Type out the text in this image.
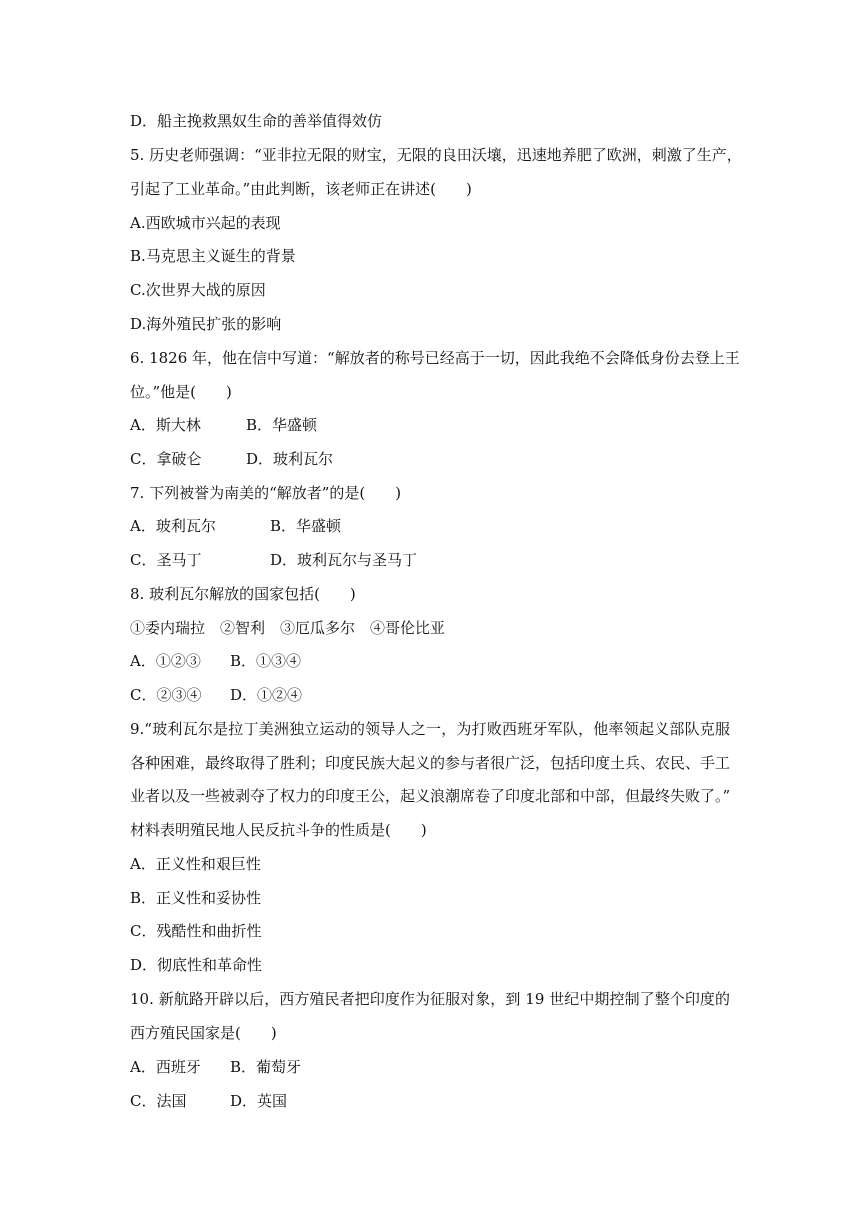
D．船主挽救黑奴生命的善举值得效仿
5. 历史老师强调：“亚非拉无限的财宝，无限的良田沃壤，迅速地养肥了欧洲，刺激了生产，
引起了工业革命。”由此判断，该老师正在讲述(　　)
A.西欧城市兴起的表现
B.马克思主义诞生的背景
C.次世界大战的原因
D.海外殖民扩张的影响
6. 1826 年，他在信中写道：“解放者的称号已经高于一切，因此我绝不会降低身份去登上王
位。”他是(　　)
A．斯大林	B．华盛顿
C．拿破仑	D．玻利瓦尔
7. 下列被誉为南美的“解放者”的是(　　)
A．玻利瓦尔	B．华盛顿
C．圣马丁	D．玻利瓦尔与圣马丁
8. 玻利瓦尔解放的国家包括(　　)
①委内瑞拉　②智利　③厄瓜多尔　④哥伦比亚
A．①②③ B．①③④
C．②③④ D．①②④
9.“玻利瓦尔是拉丁美洲独立运动的领导人之一，为打败西班牙军队，他率领起义部队克服
各种困难，最终取得了胜利；印度民族大起义的参与者很广泛，包括印度土兵、农民、手工
业者以及一些被剥夺了权力的印度王公，起义浪潮席卷了印度北部和中部，但最终失败了。”
材料表明殖民地人民反抗斗争的性质是(　　)
A．正义性和艰巨性
B．正义性和妥协性
C．残酷性和曲折性
D．彻底性和革命性
10. 新航路开辟以后，西方殖民者把印度作为征服对象，到 19 世纪中期控制了整个印度的
西方殖民国家是(　　)
A．西班牙 B．葡萄牙
C．法国	D．英国
